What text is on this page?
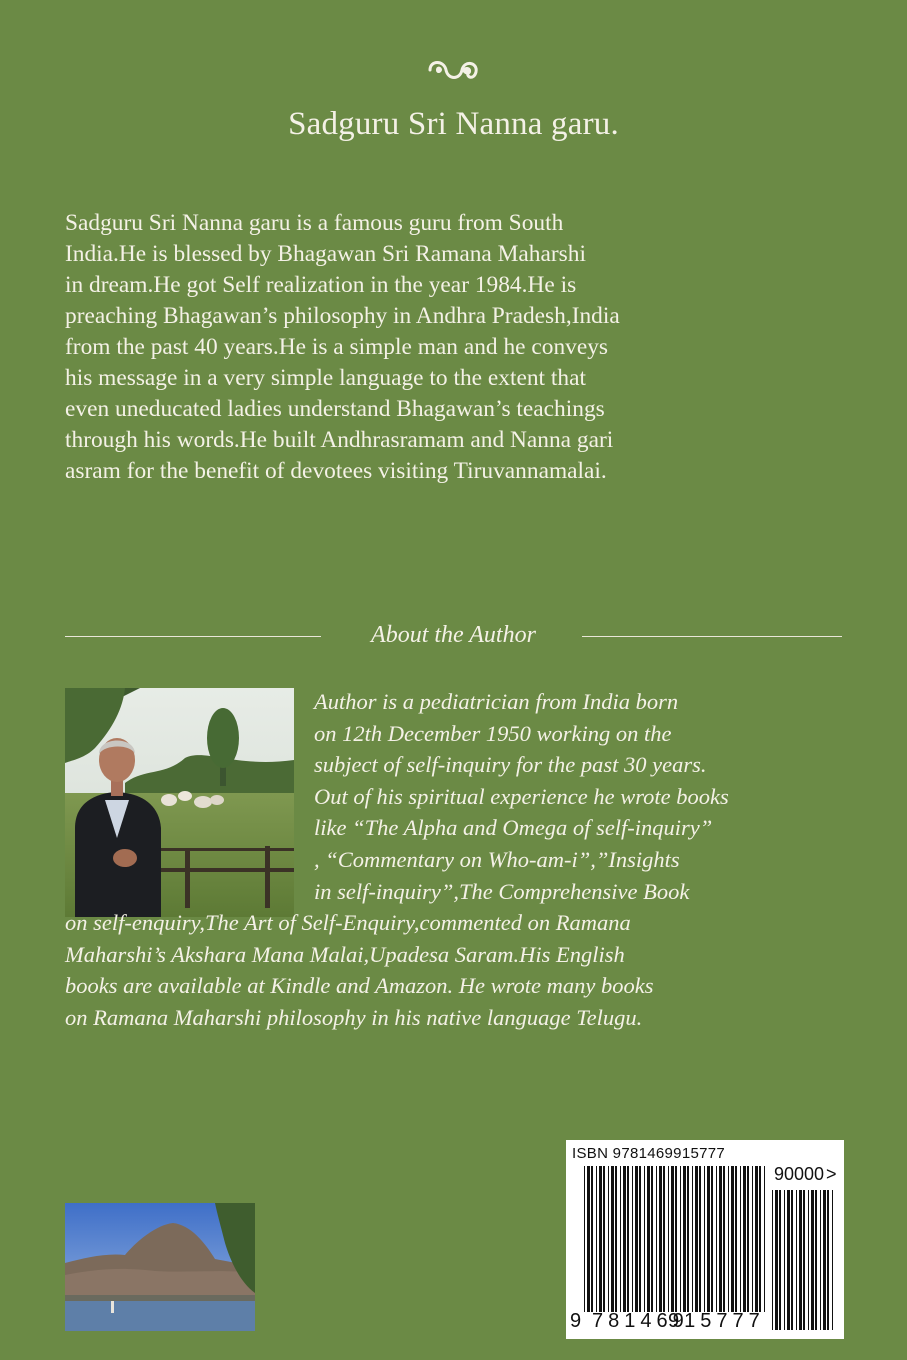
Sadguru Sri Nanna garu.
Sadguru Sri Nanna garu is a famous guru from South
India.He is blessed by Bhagawan Sri Ramana Maharshi
in dream.He got Self realization in the year 1984.He is
preaching Bhagawan’s philosophy in Andhra Pradesh,India
from the past 40 years.He is a simple man and he conveys
his message in a very simple language to the extent that
even uneducated ladies understand Bhagawan’s teachings
through his words.He built Andhrasramam and Nanna gari
asram for the benefit of devotees visiting Tiruvannamalai.
About the Author
Author is a pediatrician from India born
on 12th December 1950 working on the
subject of self-inquiry for the past 30 years.
Out of his spiritual experience he wrote books
like “The Alpha and Omega of self-inquiry”
, “Commentary on Who-am-i”,”Insights
in self-inquiry”,The Comprehensive Book
on self-enquiry,The Art of Self-Enquiry,commented on Ramana
Maharshi’s Akshara Mana Malai,Upadesa Saram.His English
books are available at Kindle and Amazon. He wrote many books
on Ramana Maharshi philosophy in his native language Telugu.
ISBN 9781469915777
90000 >
9 781469
915777
